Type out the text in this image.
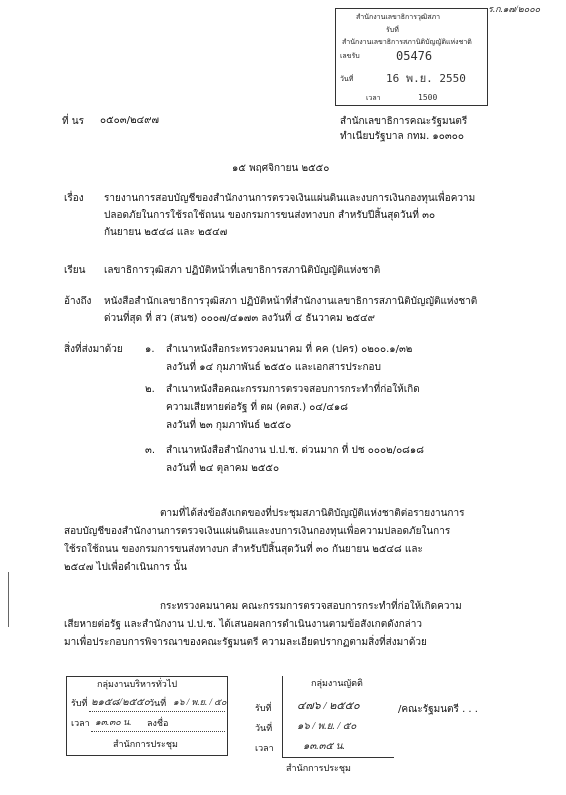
ร.ก.๑๗/๒๐๐๐
สำนักงานเลขาธิการวุฒิสภา
รับที่
สำนักงานเลขาธิการสภานิติบัญญัติแห่งชาติ
เลขรับ	05476
วันที่	16 พ.ย. 2550
เวลา	1500
ที่ นร ๐๕๐๓/๒๔๙๗	สำนักเลขาธิการคณะรัฐมนตรี
ทำเนียบรัฐบาล กทม. ๑๐๓๐๐
๑๕ พฤศจิกายน ๒๕๕๐
เรื่อง รายงานการสอบบัญชีของสำนักงานการตรวจเงินแผ่นดินและงบการเงินกองทุนเพื่อความ
ปลอดภัยในการใช้รถใช้ถนน ของกรมการขนส่งทางบก สำหรับปีสิ้นสุดวันที่ ๓๐
กันยายน ๒๕๔๘ และ ๒๕๔๗
เรียน เลขาธิการวุฒิสภา ปฏิบัติหน้าที่เลขาธิการสภานิติบัญญัติแห่งชาติ
อ้างถึง หนังสือสำนักเลขาธิการวุฒิสภา ปฏิบัติหน้าที่สำนักงานเลขาธิการสภานิติบัญญัติแห่งชาติ
ด่วนที่สุด ที่ สว (สนช) ๐๐๐๗/๔๑๗๓ ลงวันที่ ๔ ธันวาคม ๒๕๔๙
สิ่งที่ส่งมาด้วย ๑. สำเนาหนังสือกระทรวงคมนาคม ที่ คค (ปคร) ๐๒๐๐.๑/๓๒
ลงวันที่ ๑๔ กุมภาพันธ์ ๒๕๕๐ และเอกสารประกอบ
๒. สำเนาหนังสือคณะกรรมการตรวจสอบการกระทำที่ก่อให้เกิด
ความเสียหายต่อรัฐ ที่ ตผ (คตส.) ๐๔/๔๑๘
ลงวันที่ ๒๓ กุมภาพันธ์ ๒๕๕๐
๓. สำเนาหนังสือสำนักงาน ป.ป.ช. ด่วนมาก ที่ ปช ๐๐๐๒/๐๘๑๘
ลงวันที่ ๒๔ ตุลาคม ๒๕๕๐
ตามที่ได้ส่งข้อสังเกตของที่ประชุมสภานิติบัญญัติแห่งชาติต่อรายงานการ
สอบบัญชีของสำนักงานการตรวจเงินแผ่นดินและงบการเงินกองทุนเพื่อความปลอดภัยในการ
ใช้รถใช้ถนน ของกรมการขนส่งทางบก สำหรับปีสิ้นสุดวันที่ ๓๐ กันยายน ๒๕๔๘ และ
๒๕๔๗ ไปเพื่อดำเนินการ นั้น
กระทรวงคมนาคม คณะกรรมการตรวจสอบการกระทำที่ก่อให้เกิดความ
เสียหายต่อรัฐ และสำนักงาน ป.ป.ช. ได้เสนอผลการดำเนินงานตามข้อสังเกตดังกล่าว
มาเพื่อประกอบการพิจารณาของคณะรัฐมนตรี ความละเอียดปรากฏตามสิ่งที่ส่งมาด้วย
กลุ่มงานบริหารทั่วไป
รับที่ ๒๑๕๘/๒๕๕๐ วันที่ ๑๖ / พ.ย. / ๕๐
เวลา ๑๓.๓๐ น. ลงชื่อ
สำนักการประชุม
กลุ่มงานญัตติ
รับที่ ๔๗๖ / ๒๕๕๐
วันที่ ๑๖ / พ.ย. / ๕๐
เวลา	๑๓.๓๕ น.
สำนักการประชุม
/คณะรัฐมนตรี . . .
